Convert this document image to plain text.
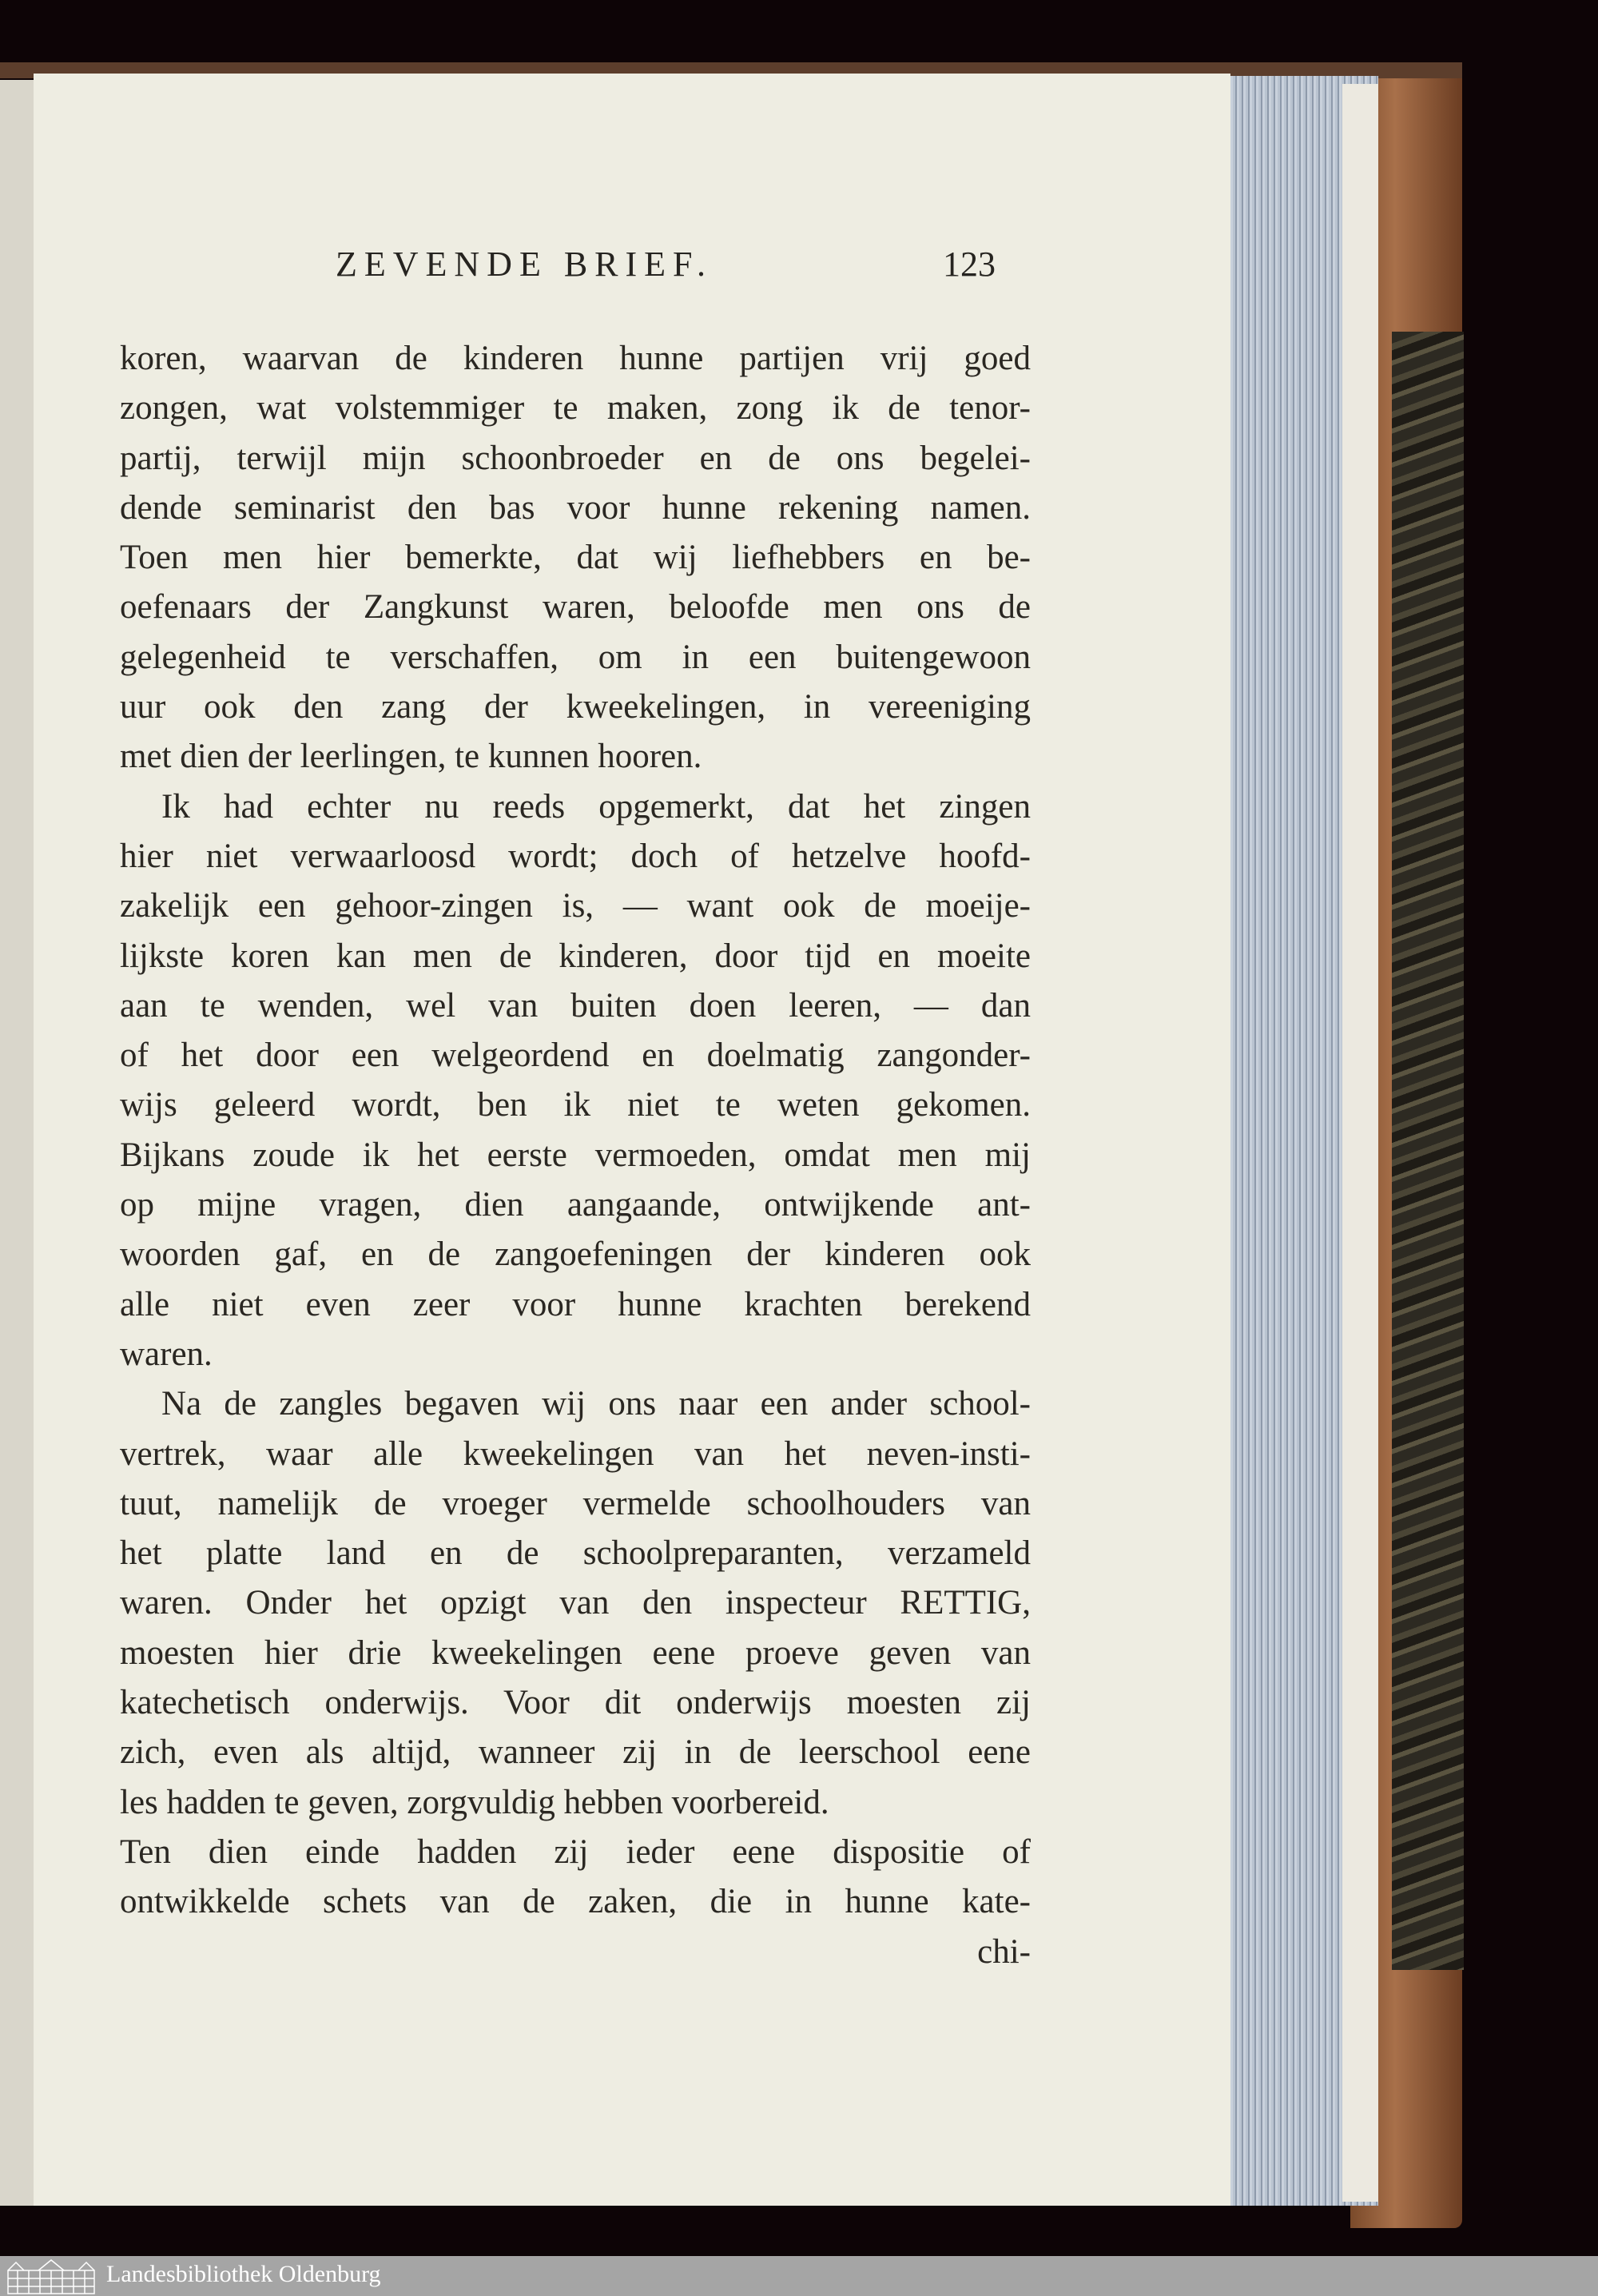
ZEVENDE BRIEF.	123
koren, waarvan de kinderen hunne partijen vrij goed
zongen, wat volstemmiger te maken, zong ik de tenor-
partij, terwijl mijn schoonbroeder en de ons begelei-
dende seminarist den bas voor hunne rekening namen.
Toen men hier bemerkte, dat wij liefhebbers en be-
oefenaars der Zangkunst waren, beloofde men ons de
gelegenheid te verschaffen, om in een buitengewoon
uur ook den zang der kweekelingen, in vereeniging
met dien der leerlingen, te kunnen hooren.
Ik had echter nu reeds opgemerkt, dat het zingen
hier niet verwaarloosd wordt; doch of hetzelve hoofd-
zakelijk een gehoor-zingen is, — want ook de moeije-
lijkste koren kan men de kinderen, door tijd en moeite
aan te wenden, wel van buiten doen leeren, — dan
of het door een welgeordend en doelmatig zangonder-
wijs geleerd wordt, ben ik niet te weten gekomen.
Bijkans zoude ik het eerste vermoeden, omdat men mij
op mijne vragen, dien aangaande, ontwijkende ant-
woorden gaf, en de zangoefeningen der kinderen ook
alle niet even zeer voor hunne krachten berekend
waren.
Na de zangles begaven wij ons naar een ander school-
vertrek, waar alle kweekelingen van het neven-insti-
tuut, namelijk de vroeger vermelde schoolhouders van
het platte land en de schoolpreparanten, verzameld
waren. Onder het opzigt van den inspecteur RETTIG,
moesten hier drie kweekelingen eene proeve geven van
katechetisch onderwijs. Voor dit onderwijs moesten zij
zich, even als altijd, wanneer zij in de leerschool eene
les hadden te geven, zorgvuldig hebben voorbereid.
Ten dien einde hadden zij ieder eene dispositie of
ontwikkelde schets van de zaken, die in hunne kate-
chi-
Landesbibliothek Oldenburg
